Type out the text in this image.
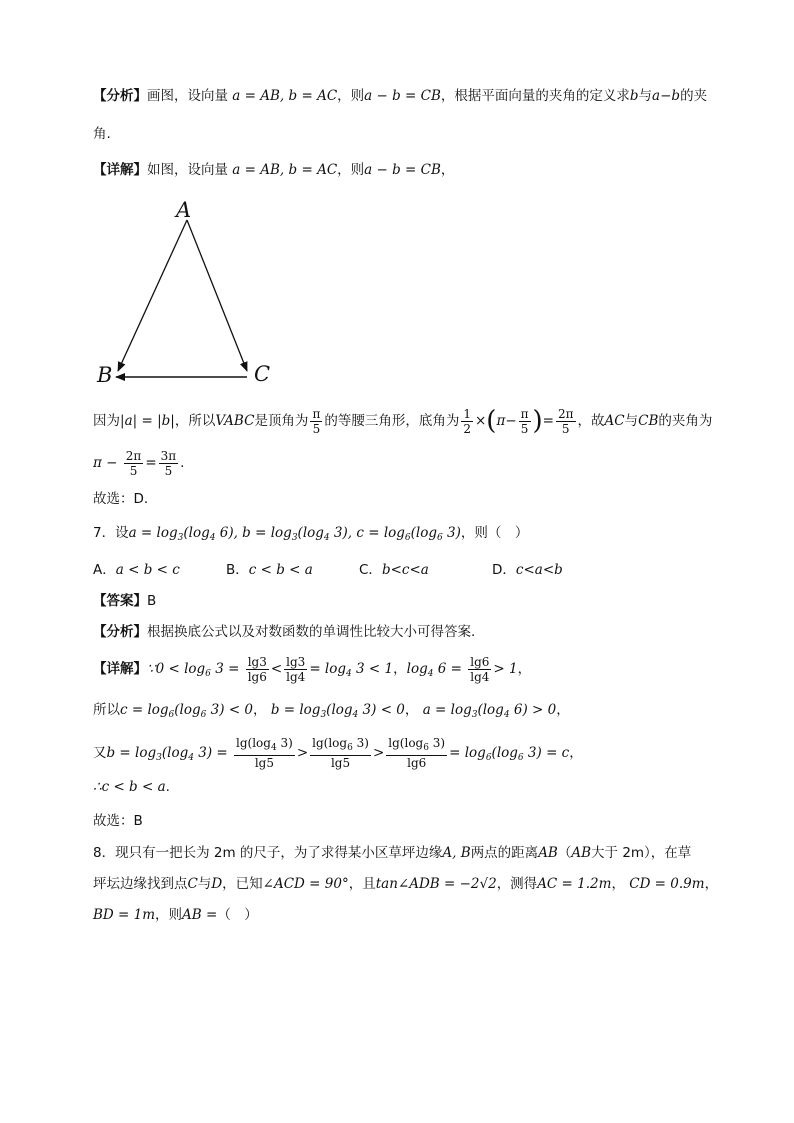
【分析】画图，设向量 a = AB, b = AC，则a − b = CB，根据平面向量的夹角的定义求b与a−b的夹
角.
【详解】如图，设向量 a = AB, b = AC，则a − b = CB，
A
B	C
因为|a| = |b|，所以VABC是顶角为 $\frac{\pi}{5}$ 的等腰三角形，底角为 $\frac{1}{2} \times(\pi- \frac{\pi}{5}$ )= $\frac{2\pi}{5}$ ，故AC与CB的夹角为
$\pi - \frac{2\pi}{5} = \frac{3\pi}{5}$ .
故选：D.
7．设$a = \log_3(\log_4$ 6), $b = \log_3(\log_4$ 3), $c = \log_6(\log_6$ 3)，则（　）
A．a < b < c	B．c < b < a	C．b<c<a	D．c<a<b
【答案】B
【分析】根据换底公式以及对数函数的单调性比较大小可得答案.
【详解】∵0 < $\log_6 3 = \frac{\lg 3}{\lg 6} < \frac{\lg 3}{\lg 4} = \log_4 3 < 1$，$\log_4 6 = \frac{\lg 6}{\lg 4} > 1$，
所以$c = \log_6(\log_6$ 3) < 0， $b = \log_3(\log_4$ 3) < 0， $a = \log_3(\log_4$ 6) > 0，
又$b = \log_3(\log_4$ $3) = \frac{\lg(\log_4 3)}{\lg 5} > \frac{\lg(\log_6 3)}{\lg 5} > \frac{\lg(\log_6 3)}{\lg 6} = \log_6(\log_6$ 3) = c，
∴c < b < a.
故选：B
8．现只有一把长为 2m 的尺子，为了求得某小区草坪边缘A, B两点的距离AB（AB大于 2m），在草
坪坛边缘找到点C与D，已知∠ACD = 90°，且tan∠ADB = −2√2，测得AC = 1.2m， CD = 0.9m，
BD = 1m，则AB =（　）
